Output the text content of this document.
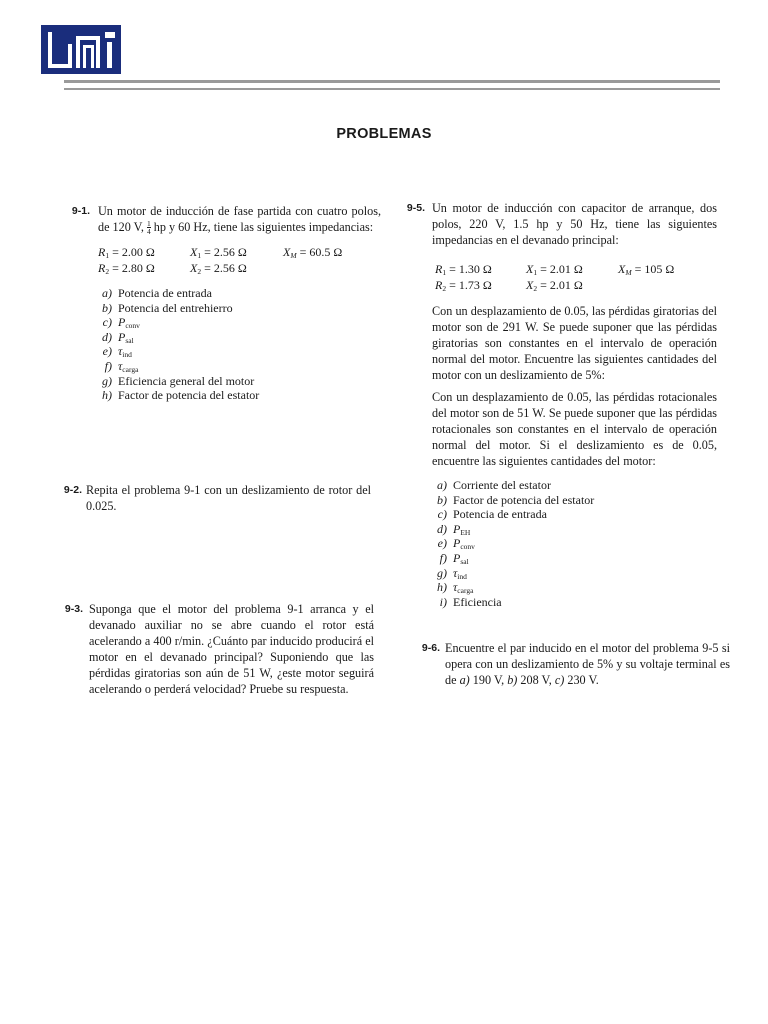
PROBLEMAS
9-1. Un motor de inducción de fase partida con cuatro polos, de 120 V, $\frac{1}{4}$ hp y 60 Hz, tiene las siguientes impedancias:
$R_1 = 2.00$ Ω	$X_1 = 2.56$ Ω	$X_M = 60.5$ Ω
$R_2 = 2.80$ Ω	$X_2 = 2.56$ Ω
a) Potencia de entrada
b) Potencia del entrehierro
c) $P_{conv}$
d) $P_{sal}$
e) $\tau_{ind}$
f) $\tau_{carga}$
g) Eficiencia general del motor
h) Factor de potencia del estator
9-2. Repita el problema 9-1 con un deslizamiento de rotor del 0.025.
9-3. Suponga que el motor del problema 9-1 arranca y el devanado auxiliar no se abre cuando el rotor está acelerando a 400 r/min. ¿Cuánto par inducido producirá el motor en el devanado principal? Suponiendo que las pérdidas giratorias son aún de 51 W, ¿este motor seguirá acelerando o perderá velocidad? Pruebe su respuesta.
9-5. Un motor de inducción con capacitor de arranque, dos polos, 220 V, 1.5 hp y 50 Hz, tiene las siguientes impedancias en el devanado principal:
$R_1 = 1.30$ Ω	$X_1 = 2.01$ Ω	$X_M = 105$ Ω
$R_2 = 1.73$ Ω	$X_2 = 2.01$ Ω
Con un desplazamiento de 0.05, las pérdidas giratorias del motor son de 291 W. Se puede suponer que las pérdidas giratorias son constantes en el intervalo de operación normal del motor. Encuentre las siguientes cantidades del motor con un deslizamiento de 5%:
Con un desplazamiento de 0.05, las pérdidas rotacionales del motor son de 51 W. Se puede suponer que las pérdidas rotacionales son constantes en el intervalo de operación normal del motor. Si el deslizamiento es de 0.05, encuentre las siguientes cantidades del motor:
a) Corriente del estator
b) Factor de potencia del estator
c) Potencia de entrada
d) $P_{EH}$
e) $P_{conv}$
f) $P_{sal}$
g) $\tau_{ind}$
h) $\tau_{carga}$
i) Eficiencia
9-6. Encuentre el par inducido en el motor del problema 9-5 si opera con un deslizamiento de 5% y su voltaje terminal es de a) 190 V, b) 208 V, c) 230 V.
